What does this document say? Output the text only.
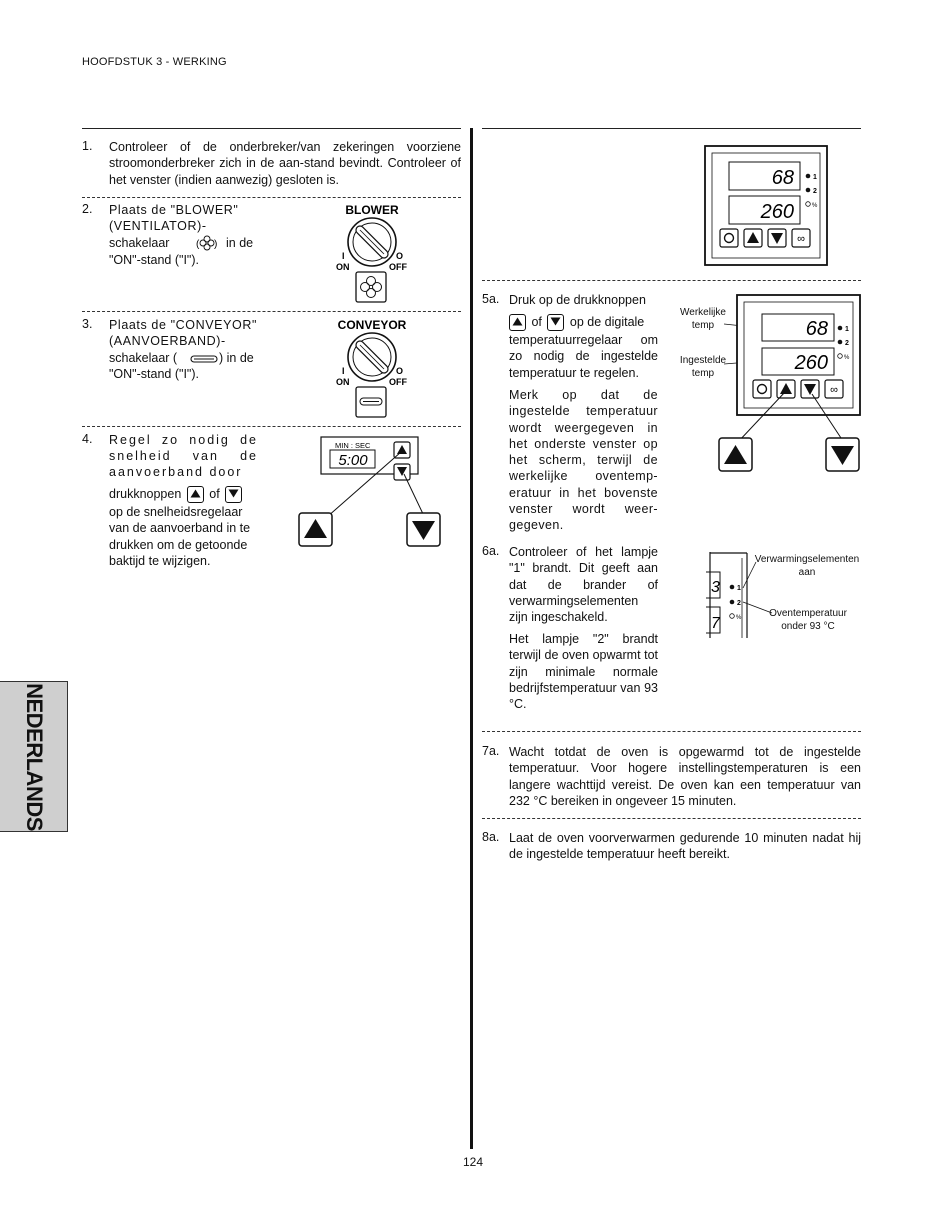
HOOFDSTUK 3 - WERKING
NEDERLANDS
1. Controleer of de onderbreker/van zekeringen voorziene stroomonderbreker zich in de aan-stand bevindt. Controleer of het venster (indien aanwezig) gesloten is.
2. Plaats de "BLOWER" (VENTILATOR)-
schakelaar	( ) in de
"ON"-stand ("I").
BLOWER
I
ON
O
OFF
3. Plaats de "CONVEYOR" (AANVOERBAND)-
schakelaar (	) in de
"ON"-stand ("I").
CONVEYOR
I
ON
O
OFF
4. Regel zo nodig de snelheid van de aanvoerband door
drukknoppen of
op de snelheidsregelaar van de aanvoerband in te drukken om de getoonde baktijd te wijzigen.
MIN : SEC
5:00
68
260
1
2
%
∞
5a. Druk op de drukknoppen
of op de digitale
temperatuurregelaar om zo nodig de ingestelde temperatuur te regelen.
Merk op dat de ingestelde temperatuur wordt weergegeven in het onderste venster op het scherm, terwijl de werkelijke oventemp-eratuur in het bovenste venster wordt weer-gegeven.
Werkelijke temp
Ingestelde temp
68
260
1
2
%
∞
6a. Controleer of het lampje "1" brandt. Dit geeft aan dat de brander of verwarmingselementen zijn ingeschakeld.
Het lampje "2" brandt terwijl de oven opwarmt tot zijn minimale normale bedrijfstemperatuur van 93 °C.
3
7
1
2
%
Verwarmingselementen aan
Oventemperatuur onder 93 °C
7a. Wacht totdat de oven is opgewarmd tot de ingestelde temperatuur. Voor hogere instellingstemperaturen is een langere wachttijd vereist. De oven kan een temperatuur van 232 °C bereiken in ongeveer 15 minuten.
8a. Laat de oven voorverwarmen gedurende 10 minuten nadat hij de ingestelde temperatuur heeft bereikt.
124
